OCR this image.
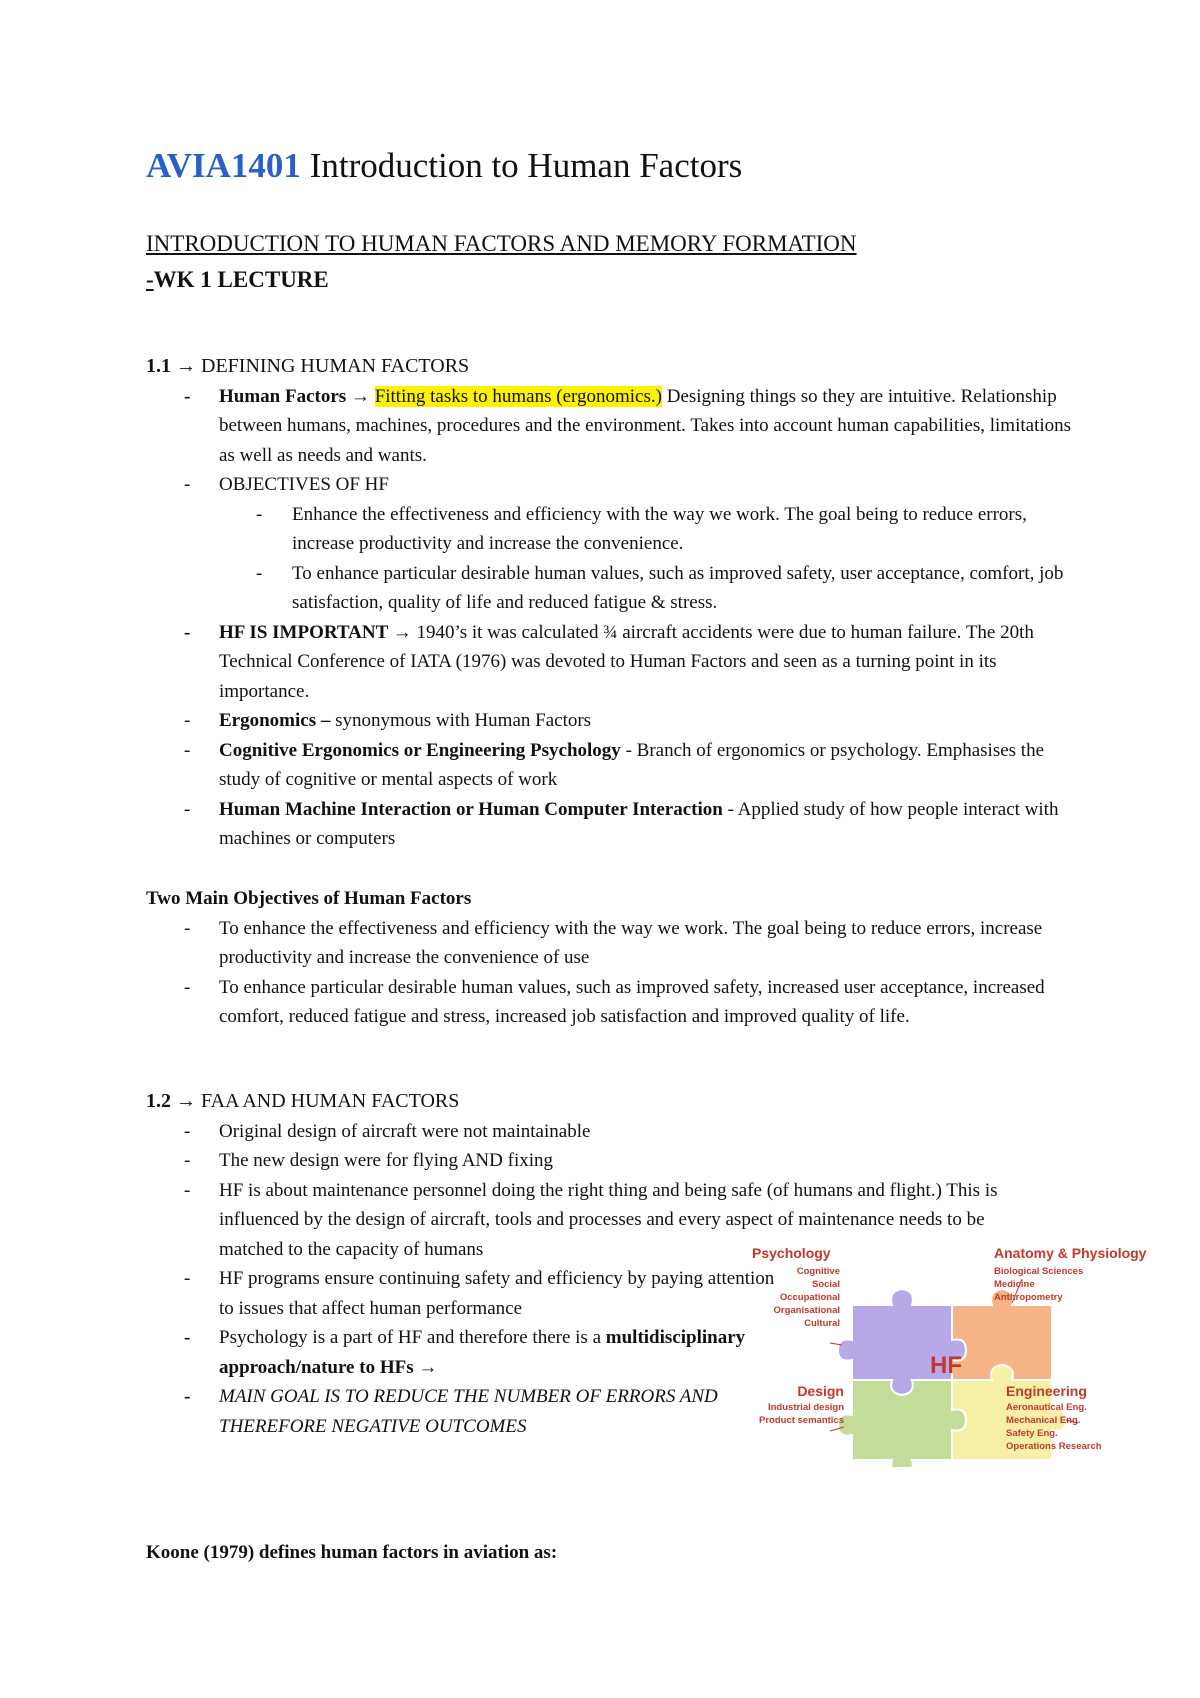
AVIA1401 Introduction to Human Factors
INTRODUCTION TO HUMAN FACTORS AND MEMORY FORMATION
-WK 1 LECTURE
1.1 → DEFINING HUMAN FACTORS
- Human Factors → Fitting tasks to humans (ergonomics.) Designing things so they are intuitive. Relationship between humans, machines, procedures and the environment. Takes into account human capabilities, limitations as well as needs and wants.
- OBJECTIVES OF HF
- Enhance the effectiveness and efficiency with the way we work. The goal being to reduce errors, increase productivity and increase the convenience.
- To enhance particular desirable human values, such as improved safety, user acceptance, comfort, job satisfaction, quality of life and reduced fatigue & stress.
- HF IS IMPORTANT → 1940’s it was calculated ¾ aircraft accidents were due to human failure. The 20th Technical Conference of IATA (1976) was devoted to Human Factors and seen as a turning point in its importance.
- Ergonomics – synonymous with Human Factors
- Cognitive Ergonomics or Engineering Psychology - Branch of ergonomics or psychology. Emphasises the study of cognitive or mental aspects of work
- Human Machine Interaction or Human Computer Interaction - Applied study of how people interact with machines or computers
Two Main Objectives of Human Factors
- To enhance the effectiveness and efficiency with the way we work. The goal being to reduce errors, increase productivity and increase the convenience of use
- To enhance particular desirable human values, such as improved safety, increased user acceptance, increased comfort, reduced fatigue and stress, increased job satisfaction and improved quality of life.
1.2 → FAA AND HUMAN FACTORS
- Original design of aircraft were not maintainable
- The new design were for flying AND fixing
- HF is about maintenance personnel doing the right thing and being safe (of humans and flight.) This is influenced by the design of aircraft, tools and processes and every aspect of maintenance needs to be matched to the capacity of humans
- HF programs ensure continuing safety and efficiency by paying attention to issues that affect human performance
- Psychology is a part of HF and therefore there is a multidisciplinary approach/nature to HFs →
- MAIN GOAL IS TO REDUCE THE NUMBER OF ERRORS AND THEREFORE NEGATIVE OUTCOMES
HF
Psychology
Cognitive
Social
Occupational
Organisational
Cultural
Anatomy & Physiology
Biological Sciences
Medicine
Anthropometry
Design
Industrial design
Product semantics
Engineering
Aeronautical Eng.
Mechanical Eng.
Safety Eng.
Operations Research
Koone (1979) defines human factors in aviation as:
